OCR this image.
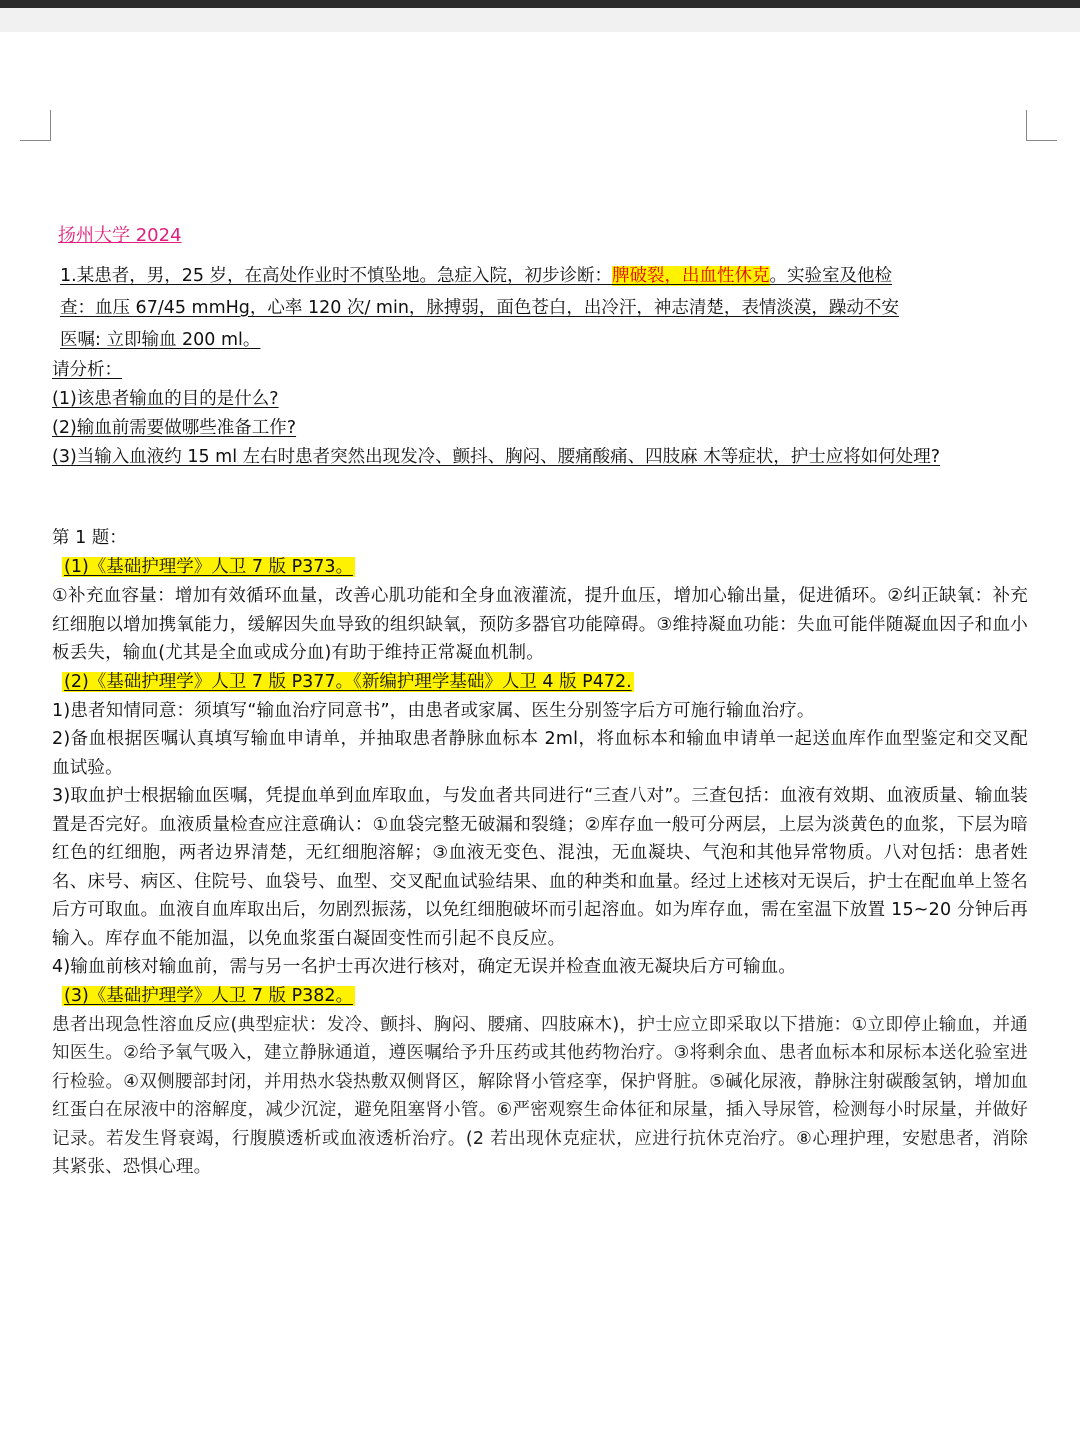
扬州大学 2024
1.某患者，男，25 岁，在高处作业时不慎坠地。急症入院，初步诊断：脾破裂，出血性休克。实验室及他检
查：血压 67/45 mmHg，心率 120 次/ min，脉搏弱，面色苍白，出冷汗，神志清楚，表情淡漠，躁动不安
医嘱: 立即输血 200 ml。
请分析：
(1)该患者输血的目的是什么?
(2)输血前需要做哪些准备工作?
(3)当输入血液约 15 ml 左右时患者突然出现发冷、颤抖、胸闷、腰痛酸痛、四肢麻 木等症状，护士应将如何处理?
第 1 题：
(1)《基础护理学》人卫 7 版 P373。
①补充血容量：增加有效循环血量，改善心肌功能和全身血液灌流，提升血压，增加心输出量，促进循环。②纠正缺氧：补充红细胞以增加携氧能力，缓解因失血导致的组织缺氧，预防多器官功能障碍。③维持凝血功能：失血可能伴随凝血因子和血小板丢失，输血(尤其是全血或成分血)有助于维持正常凝血机制。
(2)《基础护理学》人卫 7 版 P377。《新编护理学基础》人卫 4 版 P472.
1)患者知情同意：须填写“输血治疗同意书”，由患者或家属、医生分别签字后方可施行输血治疗。
2)备血根据医嘱认真填写输血申请单，并抽取患者静脉血标本 2ml，将血标本和输血申请单一起送血库作血型鉴定和交叉配血试验。
3)取血护士根据输血医嘱，凭提血单到血库取血，与发血者共同进行“三查八对”。三查包括：血液有效期、血液质量、输血装置是否完好。血液质量检查应注意确认：①血袋完整无破漏和裂缝；②库存血一般可分两层，上层为淡黄色的血浆，下层为暗红色的红细胞，两者边界清楚，无红细胞溶解；③血液无变色、混浊，无血凝块、气泡和其他异常物质。八对包括：患者姓名、床号、病区、住院号、血袋号、血型、交叉配血试验结果、血的种类和血量。经过上述核对无误后，护士在配血单上签名后方可取血。血液自血库取出后，勿剧烈振荡，以免红细胞破坏而引起溶血。如为库存血，需在室温下放置 15~20 分钟后再输入。库存血不能加温，以免血浆蛋白凝固变性而引起不良反应。
4)输血前核对输血前，需与另一名护士再次进行核对，确定无误并检查血液无凝块后方可输血。
(3)《基础护理学》人卫 7 版 P382。
患者出现急性溶血反应(典型症状：发冷、颤抖、胸闷、腰痛、四肢麻木)，护士应立即采取以下措施：①立即停止输血，并通知医生。②给予氧气吸入，建立静脉通道，遵医嘱给予升压药或其他药物治疗。③将剩余血、患者血标本和尿标本送化验室进行检验。④双侧腰部封闭，并用热水袋热敷双侧肾区，解除肾小管痉挛，保护肾脏。⑤碱化尿液，静脉注射碳酸氢钠，增加血红蛋白在尿液中的溶解度，减少沉淀，避免阻塞肾小管。⑥严密观察生命体征和尿量，插入导尿管，检测每小时尿量，并做好记录。若发生肾衰竭，行腹膜透析或血液透析治疗。(2 若出现休克症状，应进行抗休克治疗。⑧心理护理，安慰患者，消除其紧张、恐惧心理。
